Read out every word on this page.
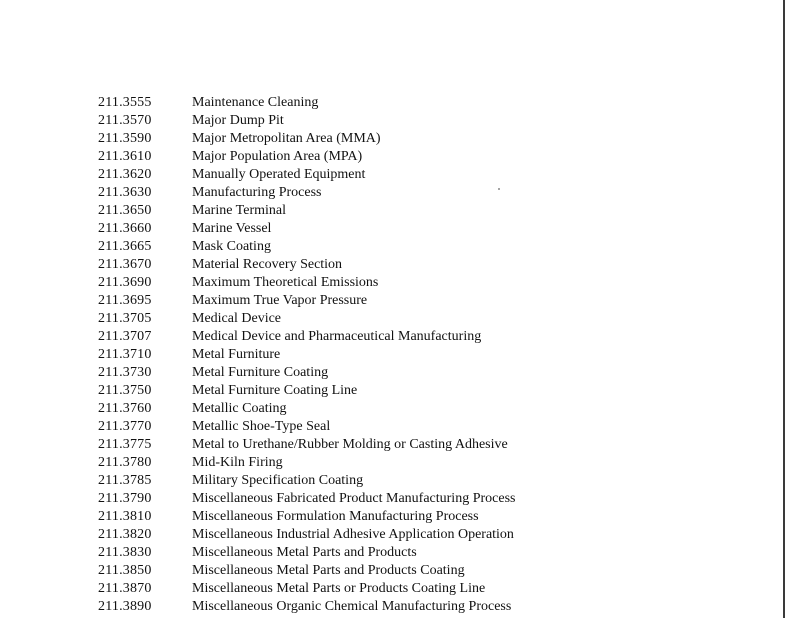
211.3555	Maintenance Cleaning
211.3570	Major Dump Pit
211.3590	Major Metropolitan Area (MMA)
211.3610	Major Population Area (MPA)
211.3620	Manually Operated Equipment
211.3630	Manufacturing Process
211.3650	Marine Terminal
211.3660	Marine Vessel
211.3665	Mask Coating
211.3670	Material Recovery Section
211.3690	Maximum Theoretical Emissions
211.3695	Maximum True Vapor Pressure
211.3705	Medical Device
211.3707	Medical Device and Pharmaceutical Manufacturing
211.3710	Metal Furniture
211.3730	Metal Furniture Coating
211.3750	Metal Furniture Coating Line
211.3760	Metallic Coating
211.3770	Metallic Shoe-Type Seal
211.3775	Metal to Urethane/Rubber Molding or Casting Adhesive
211.3780	Mid-Kiln Firing
211.3785	Military Specification Coating
211.3790	Miscellaneous Fabricated Product Manufacturing Process
211.3810	Miscellaneous Formulation Manufacturing Process
211.3820	Miscellaneous Industrial Adhesive Application Operation
211.3830	Miscellaneous Metal Parts and Products
211.3850	Miscellaneous Metal Parts and Products Coating
211.3870	Miscellaneous Metal Parts or Products Coating Line
211.3890	Miscellaneous Organic Chemical Manufacturing Process
